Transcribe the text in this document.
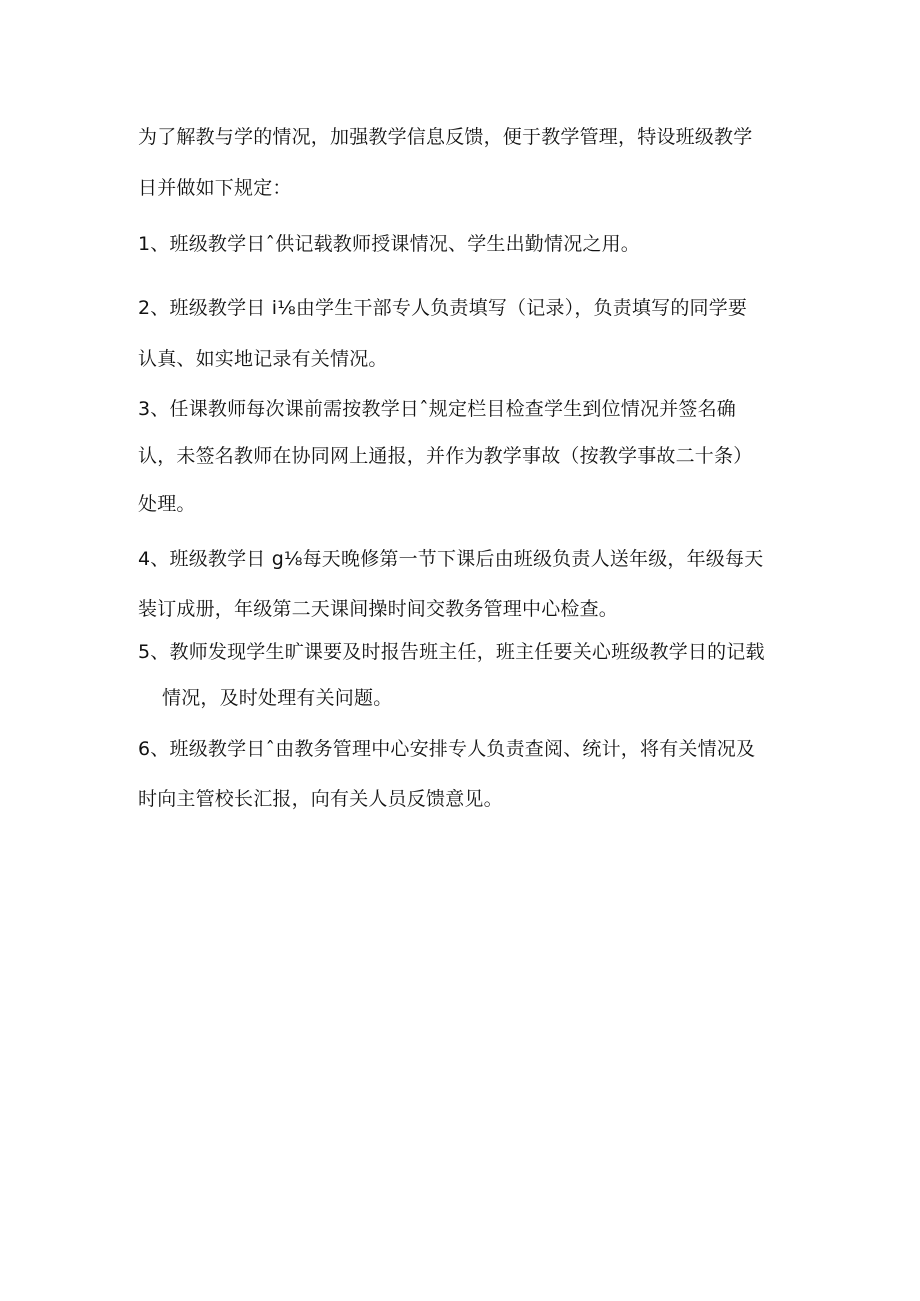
为了解教与学的情况，加强教学信息反馈，便于教学管理，特设班级教学
日并做如下规定：
1、班级教学日ˆ供记载教师授课情况、学生出勤情况之用。
2、班级教学日 i⅛由学生干部专人负责填写（记录），负责填写的同学要
认真、如实地记录有关情况。
3、任课教师每次课前需按教学日ˆ规定栏目检查学生到位情况并签名确
认，未签名教师在协同网上通报，并作为教学事故（按教学事故二十条）
处理。
4、班级教学日 g⅛每天晚修第一节下课后由班级负责人送年级，年级每天
装订成册，年级第二天课间操时间交教务管理中心检查。
5、教师发现学生旷课要及时报告班主任，班主任要关心班级教学日的记载
情况，及时处理有关问题。
6、班级教学日ˆ由教务管理中心安排专人负责查阅、统计，将有关情况及
时向主管校长汇报，向有关人员反馈意见。
